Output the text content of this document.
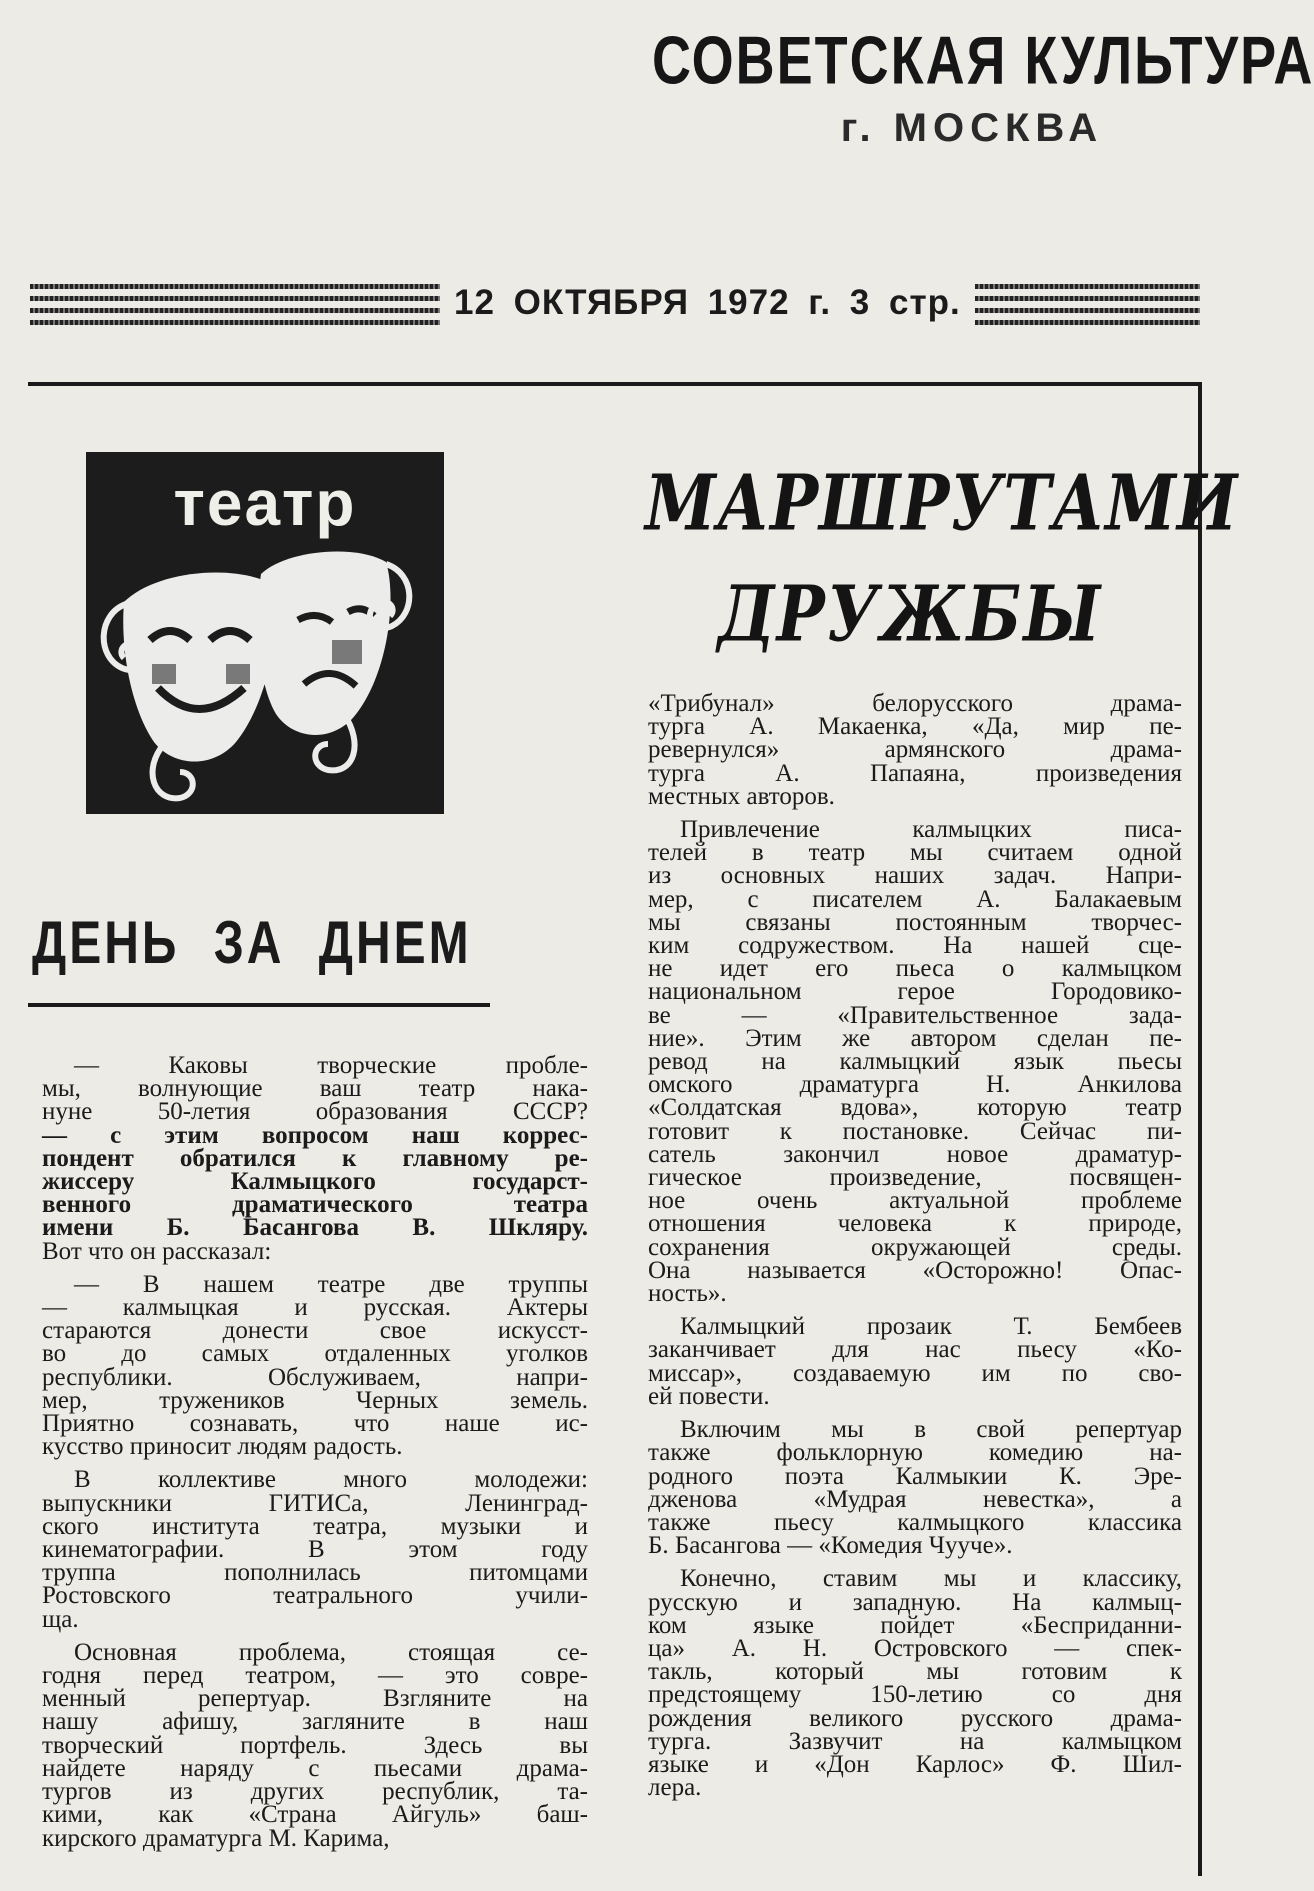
СОВЕТСКАЯ КУЛЬТУРА
г. МОСКВА
12 ОКТЯБРЯ 1972 г. 3 стр.
театр	МАРШРУТАМИ
ДРУЖБЫ
ДЕНЬ ЗА ДНЕМ
— Каковы творческие пробле-
мы, волнующие ваш театр нака-
нуне 50-летия образования СССР?
— с этим вопросом наш коррес-
пондент обратился к главному ре-
жиссеру Калмыцкого государст-
венного драматического театра
имени Б. Басангова В. Шкляру.
Вот что он рассказал:
— В нашем театре две труппы
— калмыцкая и русская. Актеры
стараются донести свое искусст-
во до самых отдаленных уголков
республики. Обслуживаем, напри-
мер, тружеников Черных земель.
Приятно сознавать, что наше ис-
кусство приносит людям радость.
В коллективе много молодежи:
выпускники ГИТИСа, Ленинград-
ского института театра, музыки и
кинематографии. В этом году
труппа пополнилась питомцами
Ростовского театрального учили-
ща.
Основная проблема, стоящая се-
годня перед театром, — это совре-
менный репертуар. Взгляните на
нашу афишу, загляните в наш
творческий портфель. Здесь вы
найдете наряду с пьесами драма-
тургов из других республик, та-
кими, как «Страна Айгуль» баш-
кирского драматурга М. Карима,
«Трибунал» белорусского драма-
турга А. Макаенка, «Да, мир пе-
ревернулся» армянского драма-
турга А. Папаяна, произведения
местных авторов.
Привлечение калмыцких писа-
телей в театр мы считаем одной
из основных наших задач. Напри-
мер, с писателем А. Балакаевым
мы связаны постоянным творчес-
ким содружеством. На нашей сце-
не идет его пьеса о калмыцком
национальном герое Городовико-
ве — «Правительственное зада-
ние». Этим же автором сделан пе-
ревод на калмыцкий язык пьесы
омского драматурга Н. Анкилова
«Солдатская вдова», которую театр
готовит к постановке. Сейчас пи-
сатель закончил новое драматур-
гическое произведение, посвящен-
ное очень актуальной проблеме
отношения человека к природе,
сохранения окружающей среды.
Она называется «Осторожно! Опас-
ность».
Калмыцкий прозаик Т. Бембеев
заканчивает для нас пьесу «Ко-
миссар», создаваемую им по сво-
ей повести.
Включим мы в свой репертуар
также фольклорную комедию на-
родного поэта Калмыкии К. Эре-
дженова «Мудрая невестка», а
также пьесу калмыцкого классика
Б. Басангова — «Комедия Чууче».
Конечно, ставим мы и классику,
русскую и западную. На калмыц-
ком языке пойдет «Бесприданни-
ца» А. Н. Островского — спек-
такль, который мы готовим к
предстоящему 150-летию со дня
рождения великого русского драма-
турга. Зазвучит на калмыцком
языке и «Дон Карлос» Ф. Шил-
лера.
